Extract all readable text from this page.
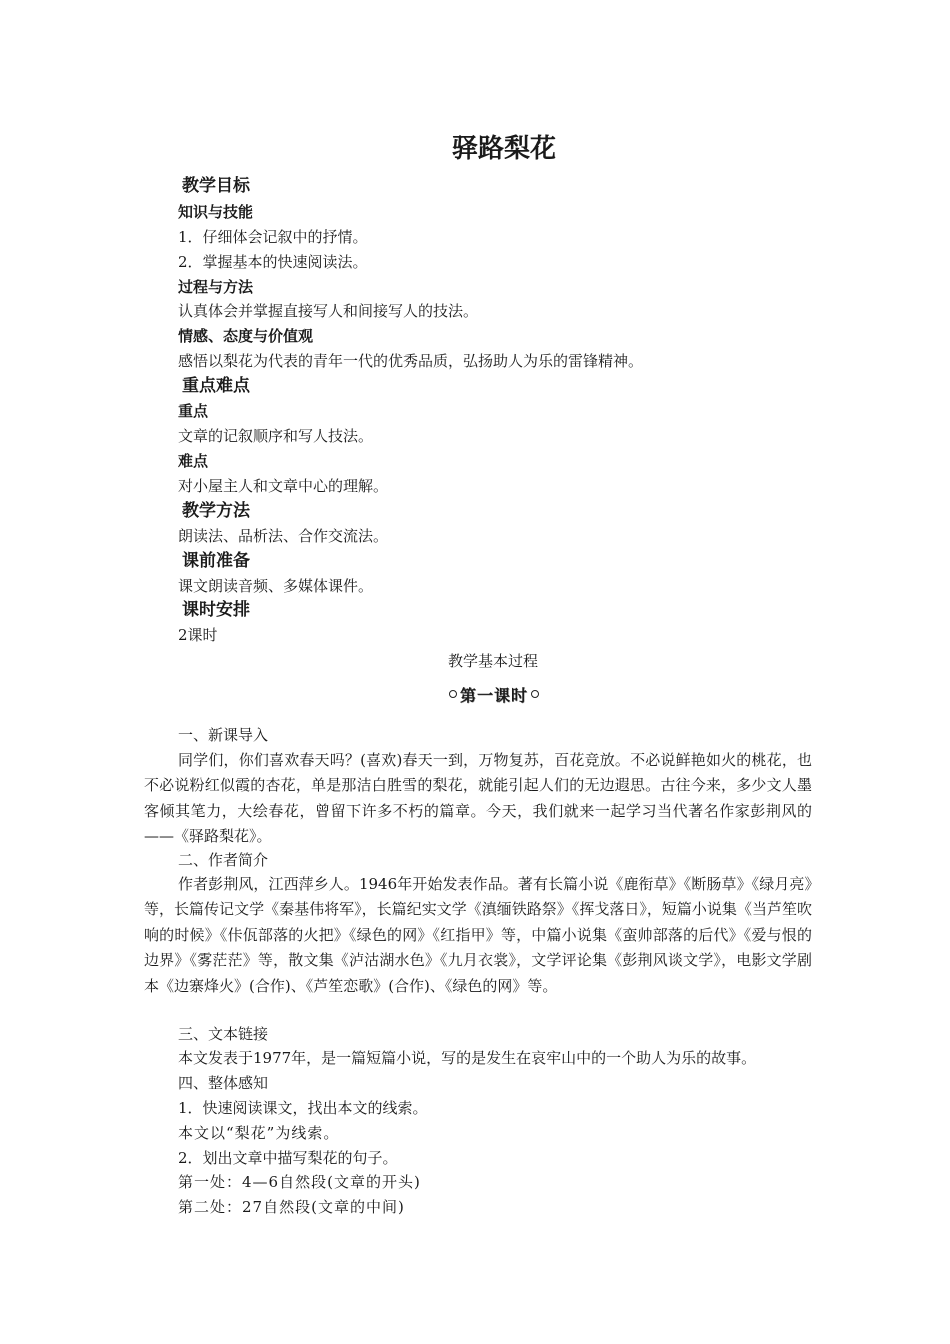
驿路梨花
教学目标
知识与技能
1．仔细体会记叙中的抒情。
2．掌握基本的快速阅读法。
过程与方法
认真体会并掌握直接写人和间接写人的技法。
情感、态度与价值观
感悟以梨花为代表的青年一代的优秀品质，弘扬助人为乐的雷锋精神。
重点难点
重点
文章的记叙顺序和写人技法。
难点
对小屋主人和文章中心的理解。
教学方法
朗读法、品析法、合作交流法。
课前准备
课文朗读音频、多媒体课件。
课时安排
2课时
教学基本过程
第一课时
一、新课导入

同学们，你们喜欢春天吗？(喜欢)春天一到，万物复苏，百花竞放。不必说鲜艳如火的桃花，也不必说粉红似霞的杏花，单是那洁白胜雪的梨花，就能引起人们的无边遐思。古往今来，多少文人墨客倾其笔力，大绘春花，曾留下许多不朽的篇章。今天，我们就来一起学习当代著名作家彭荆风的——《驿路梨花》。

二、作者简介

作者彭荆风，江西萍乡人。1946年开始发表作品。著有长篇小说《鹿衔草》《断肠草》《绿月亮》等，长篇传记文学《秦基伟将军》，长篇纪实文学《滇缅铁路祭》《挥戈落日》，短篇小说集《当芦笙吹响的时候》《佧佤部落的火把》《绿色的网》《红指甲》等，中篇小说集《蛮帅部落的后代》《爱与恨的边界》《雾茫茫》等，散文集《泸沽湖水色》《九月衣裳》，文学评论集《彭荆风谈文学》，电影文学剧本《边寨烽火》(合作)、《芦笙恋歌》(合作)、《绿色的网》等。

三、文本链接

本文发表于1977年，是一篇短篇小说，写的是发生在哀牢山中的一个助人为乐的故事。

四、整体感知
1．快速阅读课文，找出本文的线索。
本文以“梨花”为线索。
2．划出文章中描写梨花的句子。
第一处：4—6自然段(文章的开头)
第二处：27自然段(文章的中间)
